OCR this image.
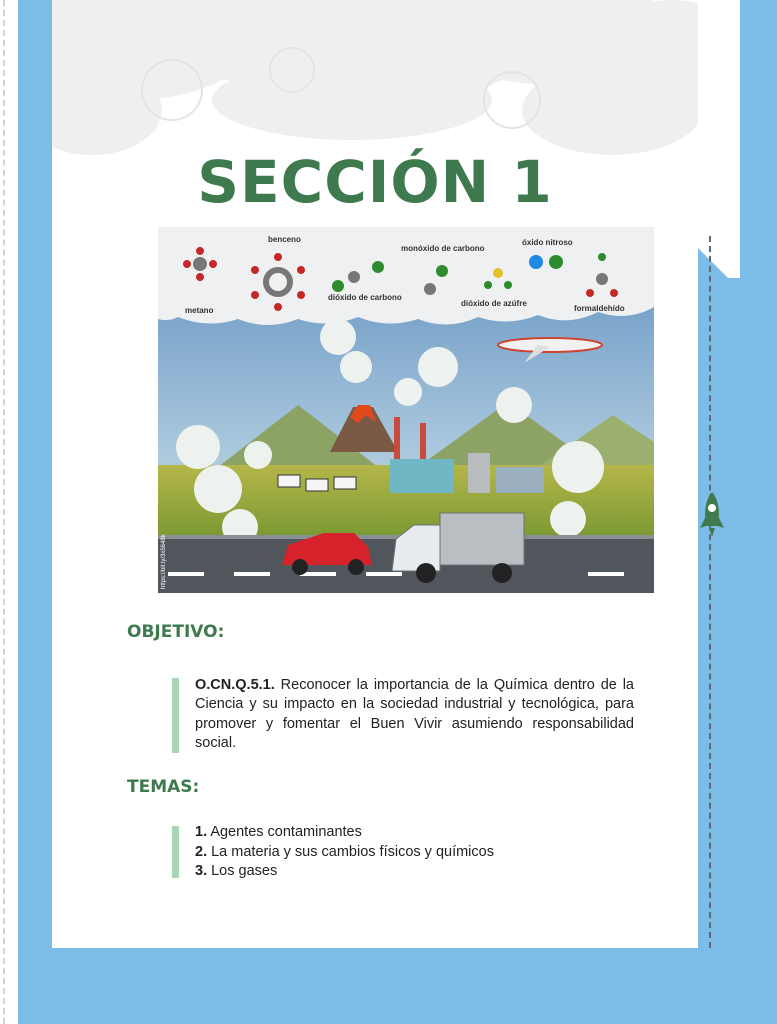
SECCIÓN 1
benceno
monóxido de carbono
óxido nitroso
metano
dióxido de carbono
dióxido de azúfre
formaldehído
https://bit.ly/3x5648k
OBJETIVO:

O.CN.Q.5.1. Reconocer la importancia de la Química dentro de la Ciencia y su impacto en la sociedad industrial y tecnológica, para promover y fomentar el Buen Vivir asumiendo responsabilidad social.

TEMAS:
1. Agentes contaminantes
2. La materia y sus cambios físicos y químicos
3. Los gases
